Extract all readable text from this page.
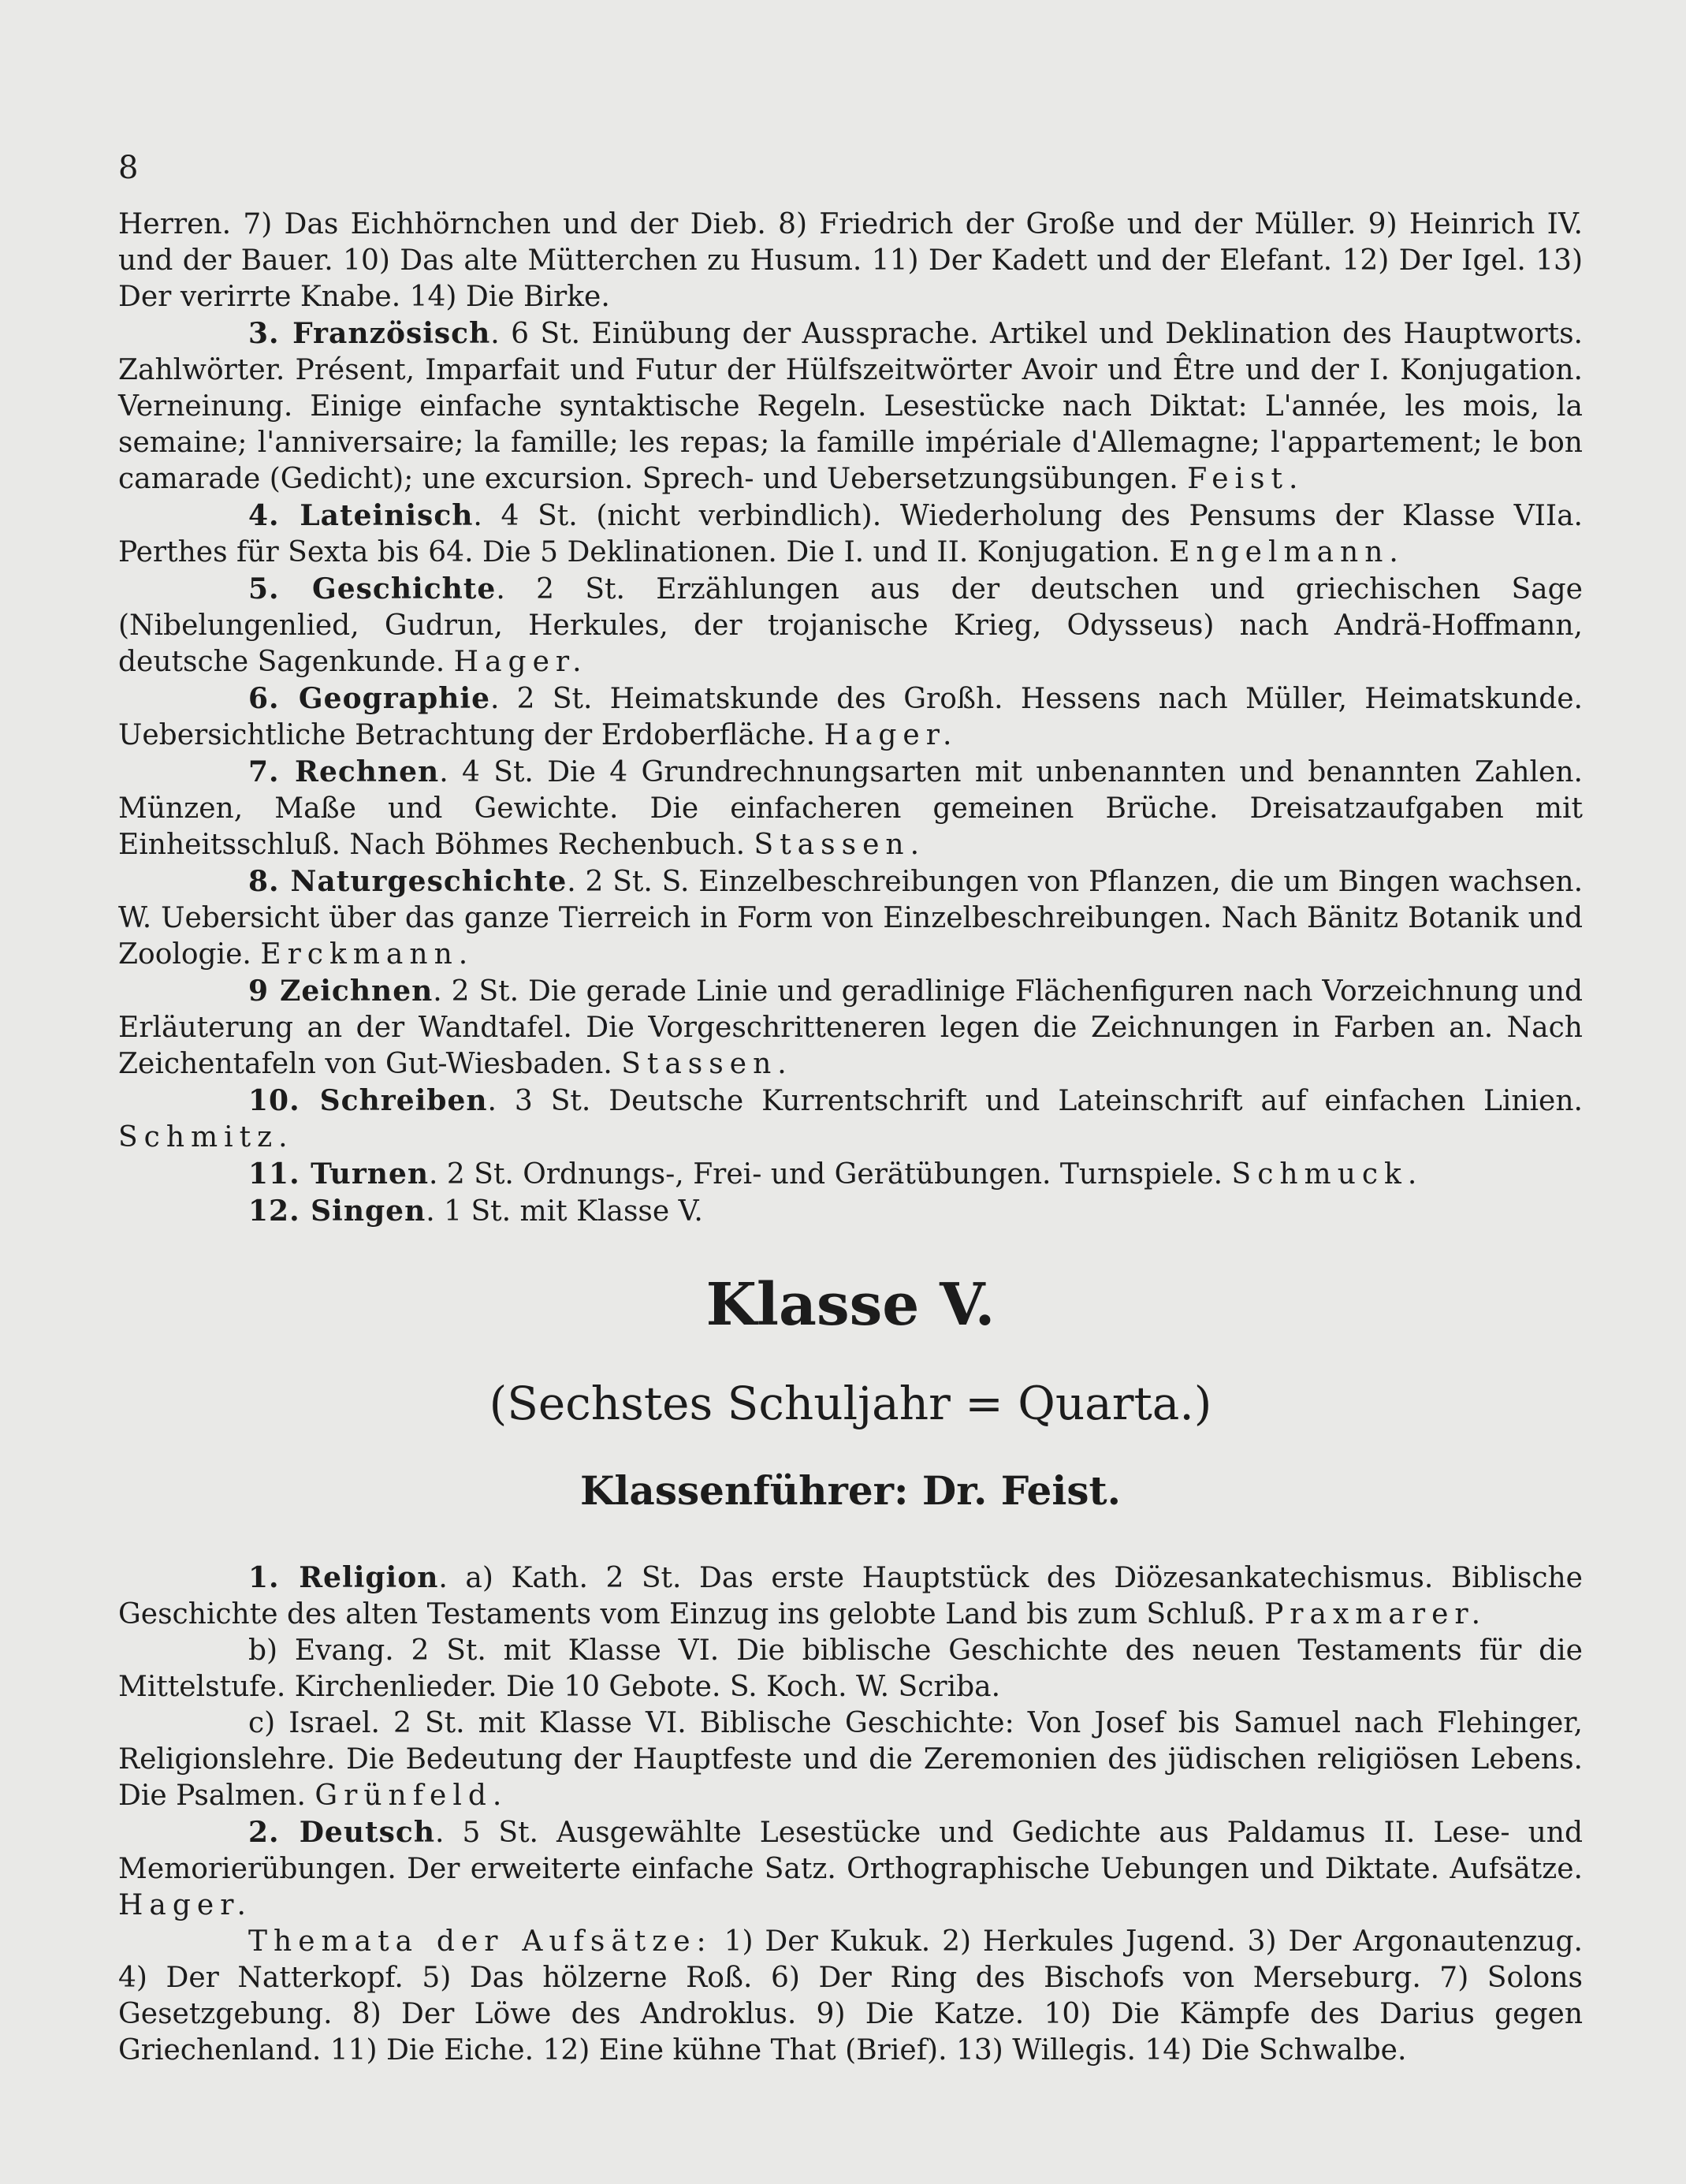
8

Herren. 7) Das Eichhörnchen und der Dieb. 8) Friedrich der Große und der Müller. 9) Heinrich IV. und der Bauer. 10) Das alte Mütterchen zu Husum. 11) Der Kadett und der Elefant. 12) Der Igel. 13) Der verirrte Knabe. 14) Die Birke.

3. Französisch. 6 St. Einübung der Aussprache. Artikel und Deklination des Hauptworts. Zahlwörter. Présent, Imparfait und Futur der Hülfszeitwörter Avoir und Être und der I. Konjugation. Verneinung. Einige einfache syntaktische Regeln. Lesestücke nach Diktat: L'année, les mois, la semaine; l'anniversaire; la famille; les repas; la famille impériale d'Allemagne; l'appartement; le bon camarade (Gedicht); une excursion. Sprech- und Uebersetzungsübungen. Feist.

4. Lateinisch. 4 St. (nicht verbindlich). Wiederholung des Pensums der Klasse VIIa. Perthes für Sexta bis 64. Die 5 Deklinationen. Die I. und II. Konjugation. Engelmann.

5. Geschichte. 2 St. Erzählungen aus der deutschen und griechischen Sage (Nibelungenlied, Gudrun, Herkules, der trojanische Krieg, Odysseus) nach Andrä-Hoffmann, deutsche Sagenkunde. Hager.

6. Geographie. 2 St. Heimatskunde des Großh. Hessens nach Müller, Heimatskunde. Uebersichtliche Betrachtung der Erdoberfläche. Hager.

7. Rechnen. 4 St. Die 4 Grundrechnungsarten mit unbenannten und benannten Zahlen. Münzen, Maße und Gewichte. Die einfacheren gemeinen Brüche. Dreisatzaufgaben mit Einheitsschluß. Nach Böhmes Rechenbuch. Stassen.

8. Naturgeschichte. 2 St. S. Einzelbeschreibungen von Pflanzen, die um Bingen wachsen. W. Uebersicht über das ganze Tierreich in Form von Einzelbeschreibungen. Nach Bänitz Botanik und Zoologie. Erckmann.

9 Zeichnen. 2 St. Die gerade Linie und geradlinige Flächenfiguren nach Vorzeichnung und Erläuterung an der Wandtafel. Die Vorgeschritteneren legen die Zeichnungen in Farben an. Nach Zeichentafeln von Gut-Wiesbaden. Stassen.

10. Schreiben. 3 St. Deutsche Kurrentschrift und Lateinschrift auf einfachen Linien. Schmitz.

11. Turnen. 2 St. Ordnungs-, Frei- und Gerätübungen. Turnspiele. Schmuck.

12. Singen. 1 St. mit Klasse V.

Klasse V.

(Sechstes Schuljahr = Quarta.)

Klassenführer: Dr. Feist.

1. Religion. a) Kath. 2 St. Das erste Hauptstück des Diözesankatechismus. Biblische Geschichte des alten Testaments vom Einzug ins gelobte Land bis zum Schluß. Praxmarer.

b) Evang. 2 St. mit Klasse VI. Die biblische Geschichte des neuen Testaments für die Mittelstufe. Kirchenlieder. Die 10 Gebote. S. Koch. W. Scriba.

c) Israel. 2 St. mit Klasse VI. Biblische Geschichte: Von Josef bis Samuel nach Flehinger, Religionslehre. Die Bedeutung der Hauptfeste und die Zeremonien des jüdischen religiösen Lebens. Die Psalmen. Grünfeld.

2. Deutsch. 5 St. Ausgewählte Lesestücke und Gedichte aus Paldamus II. Lese- und Memorierübungen. Der erweiterte einfache Satz. Orthographische Uebungen und Diktate. Aufsätze. Hager.

Themata der Aufsätze: 1) Der Kukuk. 2) Herkules Jugend. 3) Der Argonautenzug. 4) Der Natterkopf. 5) Das hölzerne Roß. 6) Der Ring des Bischofs von Merseburg. 7) Solons Gesetzgebung. 8) Der Löwe des Androklus. 9) Die Katze. 10) Die Kämpfe des Darius gegen Griechenland. 11) Die Eiche. 12) Eine kühne That (Brief). 13) Willegis. 14) Die Schwalbe.
